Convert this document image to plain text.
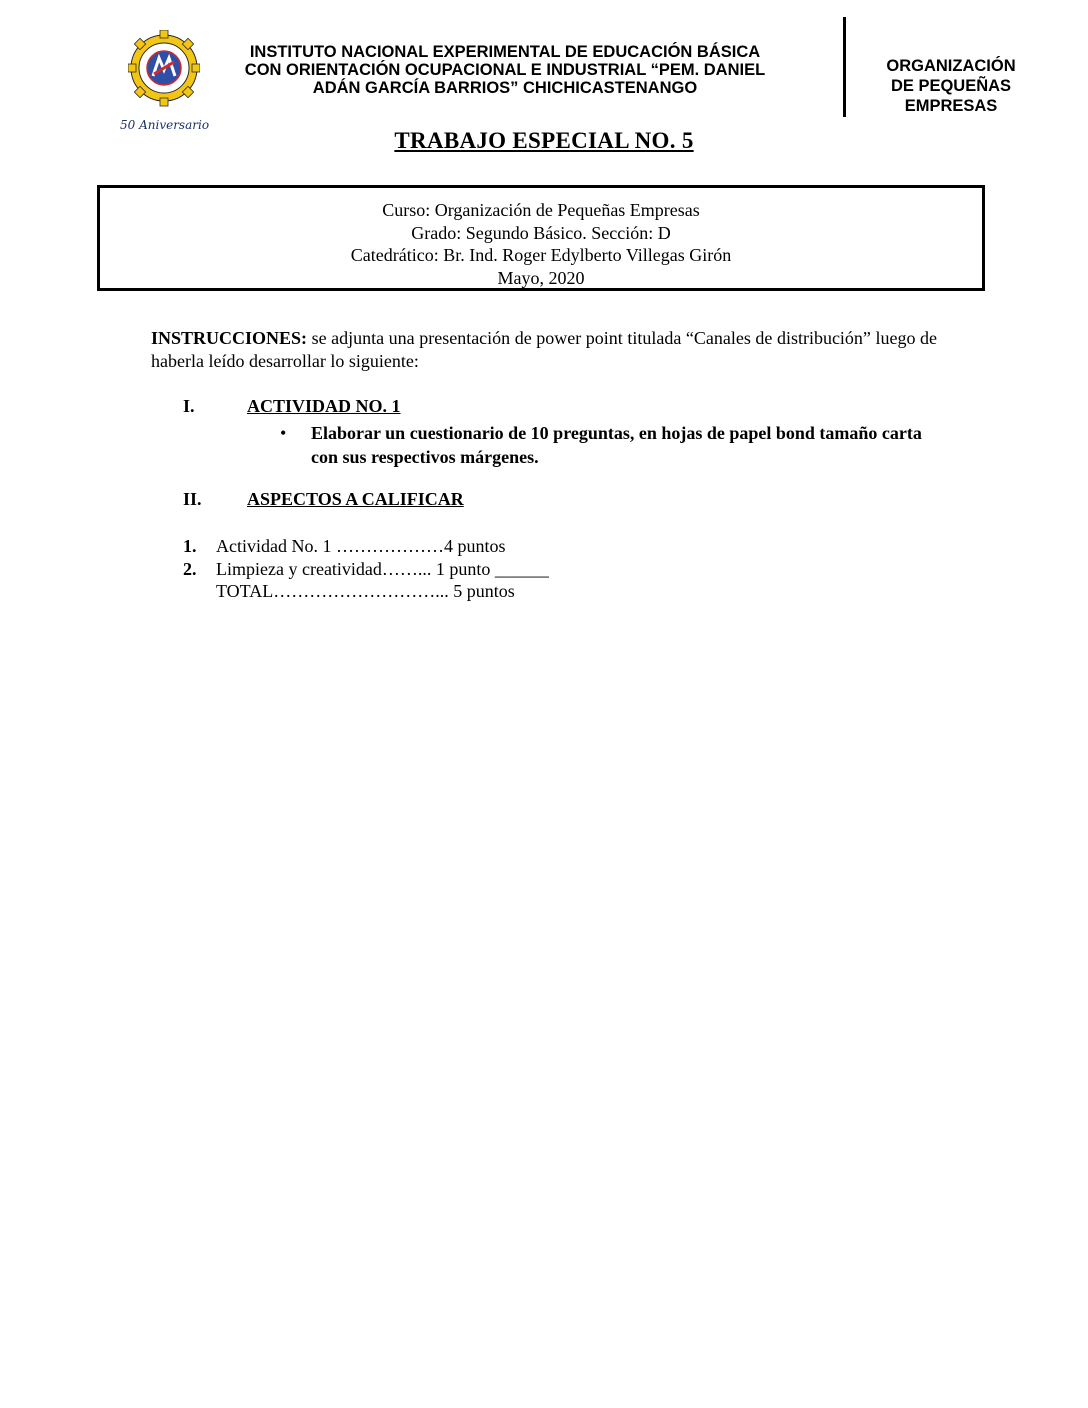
50 Aniversario
INSTITUTO NACIONAL EXPERIMENTAL DE EDUCACIÓN BÁSICA
CON ORIENTACIÓN OCUPACIONAL E INDUSTRIAL “PEM. DANIEL
ADÁN GARCÍA BARRIOS” CHICHICASTENANGO
ORGANIZACIÓN
DE PEQUEÑAS
EMPRESAS
TRABAJO ESPECIAL NO. 5
Curso: Organización de Pequeñas Empresas
Grado: Segundo Básico. Sección: D
Catedrático: Br. Ind. Roger Edylberto Villegas Girón
Mayo, 2020
INSTRUCCIONES: se adjunta una presentación de power point titulada “Canales de distribución” luego de haberla leído desarrollar lo siguiente:
I.	ACTIVIDAD NO. 1
• Elaborar un cuestionario de 10 preguntas, en hojas de papel bond tamaño carta con sus respectivos márgenes.
II.	ASPECTOS A CALIFICAR
1. Actividad No. 1 ………………4 puntos
2. Limpieza y creatividad……... 1 punto ______
TOTAL………………………... 5 puntos
